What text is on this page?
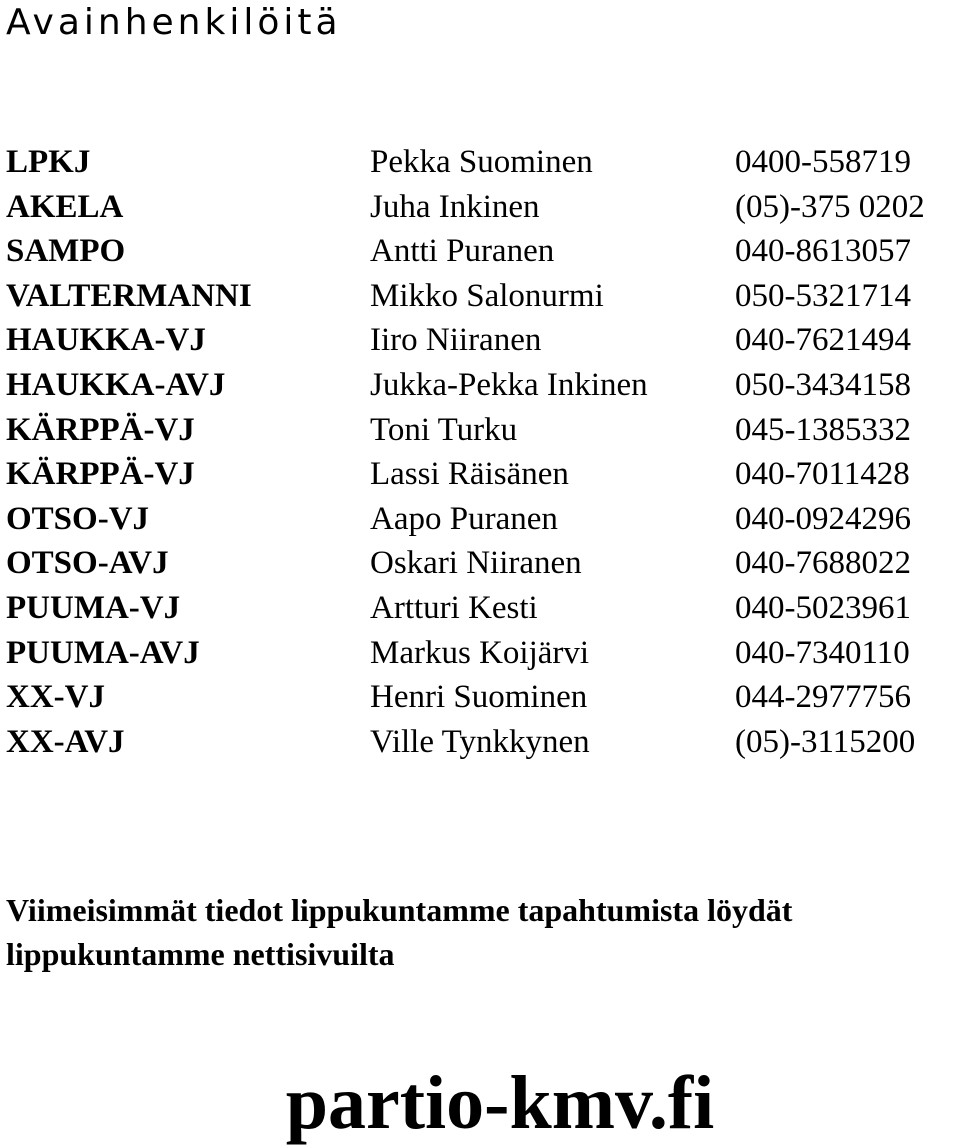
Avainhenkilöitä
LPKJ	Pekka Suominen	0400-558719
AKELA	Juha Inkinen	(05)-375 0202
SAMPO	Antti Puranen	040-8613057
VALTERMANNI	Mikko Salonurmi	050-5321714
HAUKKA-VJ	Iiro Niiranen	040-7621494
HAUKKA-AVJ	Jukka-Pekka Inkinen	050-3434158
KÄRPPÄ-VJ	Toni Turku	045-1385332
KÄRPPÄ-VJ	Lassi Räisänen	040-7011428
OTSO-VJ	Aapo Puranen	040-0924296
OTSO-AVJ	Oskari Niiranen	040-7688022
PUUMA-VJ	Artturi Kesti	040-5023961
PUUMA-AVJ	Markus Koijärvi	040-7340110
XX-VJ	Henri Suominen	044-2977756
XX-AVJ	Ville Tynkkynen	(05)-3115200

Viimeisimmät tiedot lippukuntamme tapahtumista löydät
lippukuntamme nettisivuilta

partio-kmv.fi
